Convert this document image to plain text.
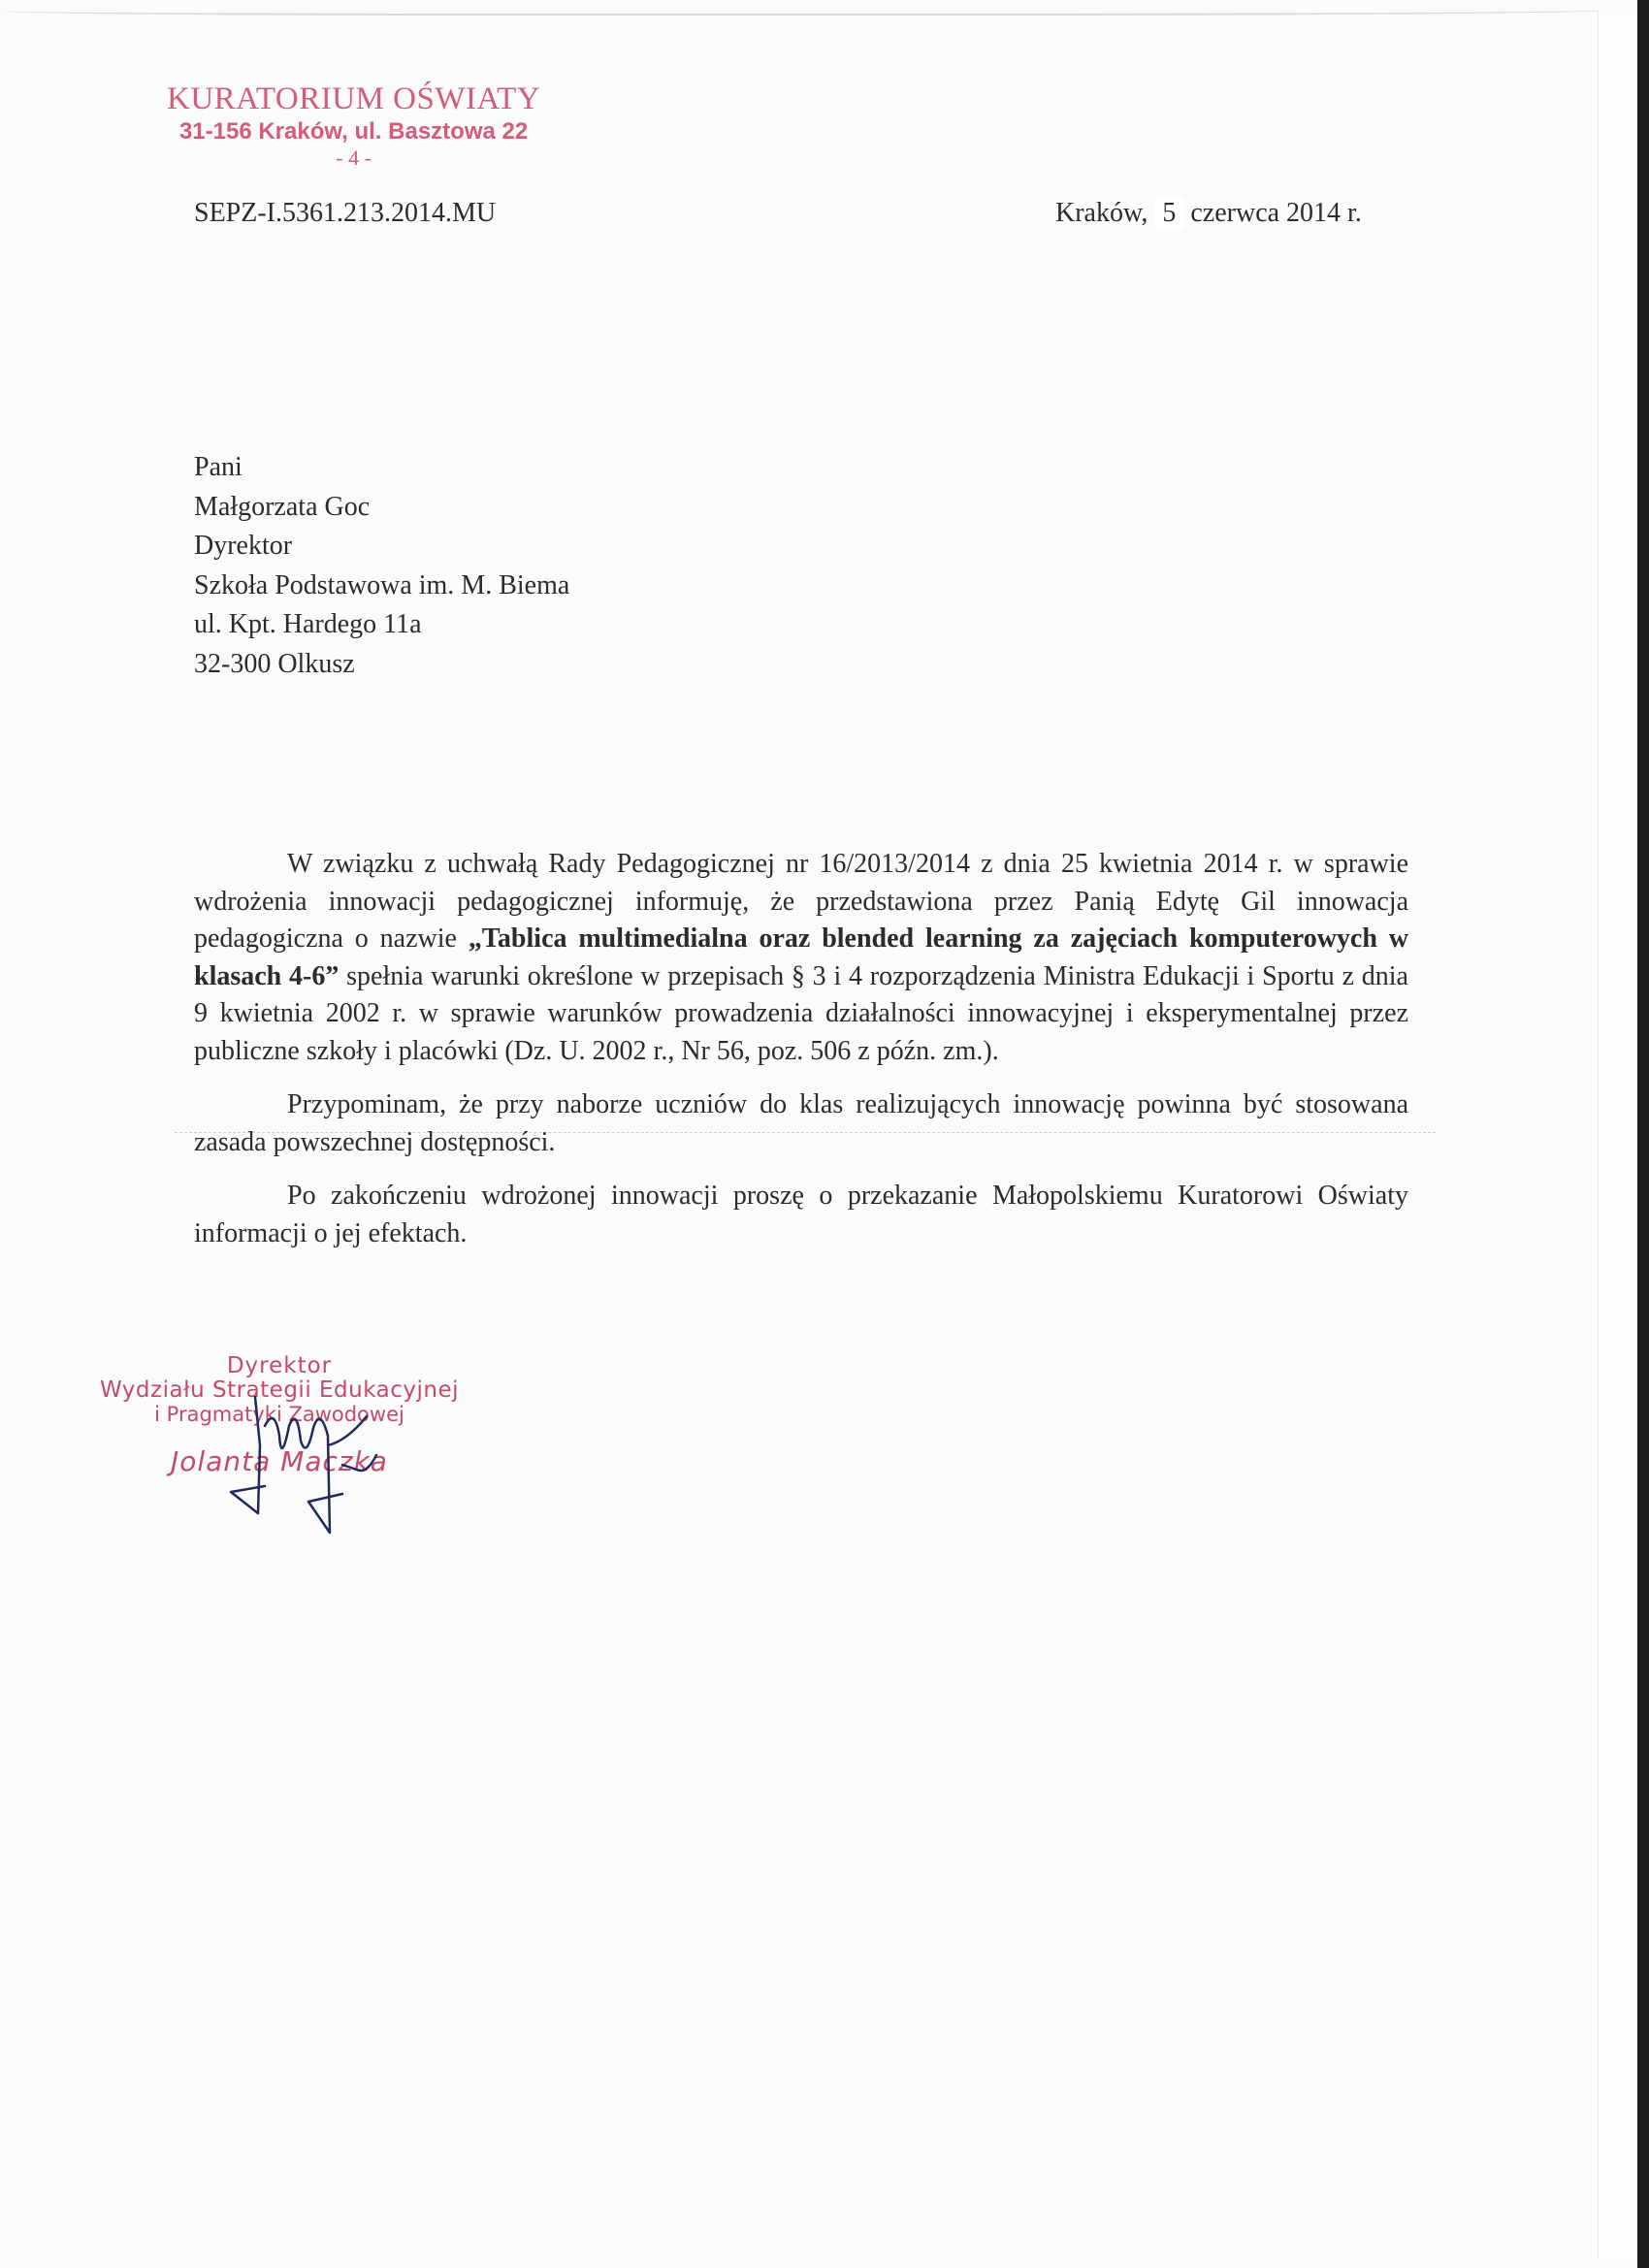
KURATORIUM OŚWIATY
31-156 Kraków, ul. Basztowa 22
- 4 -
SEPZ-I.5361.213.2014.MU	Kraków, 5 czerwca 2014 r.
Pani
Małgorzata Goc
Dyrektor
Szkoła Podstawowa im. M. Biema
ul. Kpt. Hardego 11a
32-300 Olkusz

W związku z uchwałą Rady Pedagogicznej nr 16/2013/2014 z dnia 25 kwietnia 2014 r. w sprawie wdrożenia innowacji pedagogicznej informuję, że przedstawiona przez Panią Edytę Gil innowacja pedagogiczna o nazwie „Tablica multimedialna oraz blended learning za zajęciach komputerowych w klasach 4-6” spełnia warunki określone w przepisach § 3 i 4 rozporządzenia Ministra Edukacji i Sportu z dnia 9 kwietnia 2002 r. w sprawie warunków prowadzenia działalności innowacyjnej i eksperymentalnej przez publiczne szkoły i placówki (Dz. U. 2002 r., Nr 56, poz. 506 z późn. zm.).

Przypominam, że przy naborze uczniów do klas realizujących innowację powinna być stosowana zasada powszechnej dostępności.

Po zakończeniu wdrożonej innowacji proszę o przekazanie Małopolskiemu Kuratorowi Oświaty informacji o jej efektach.

Dyrektor
Wydziału Strategii Edukacyjnej
i Pragmatyki Zawodowej
Jolanta Maczka
